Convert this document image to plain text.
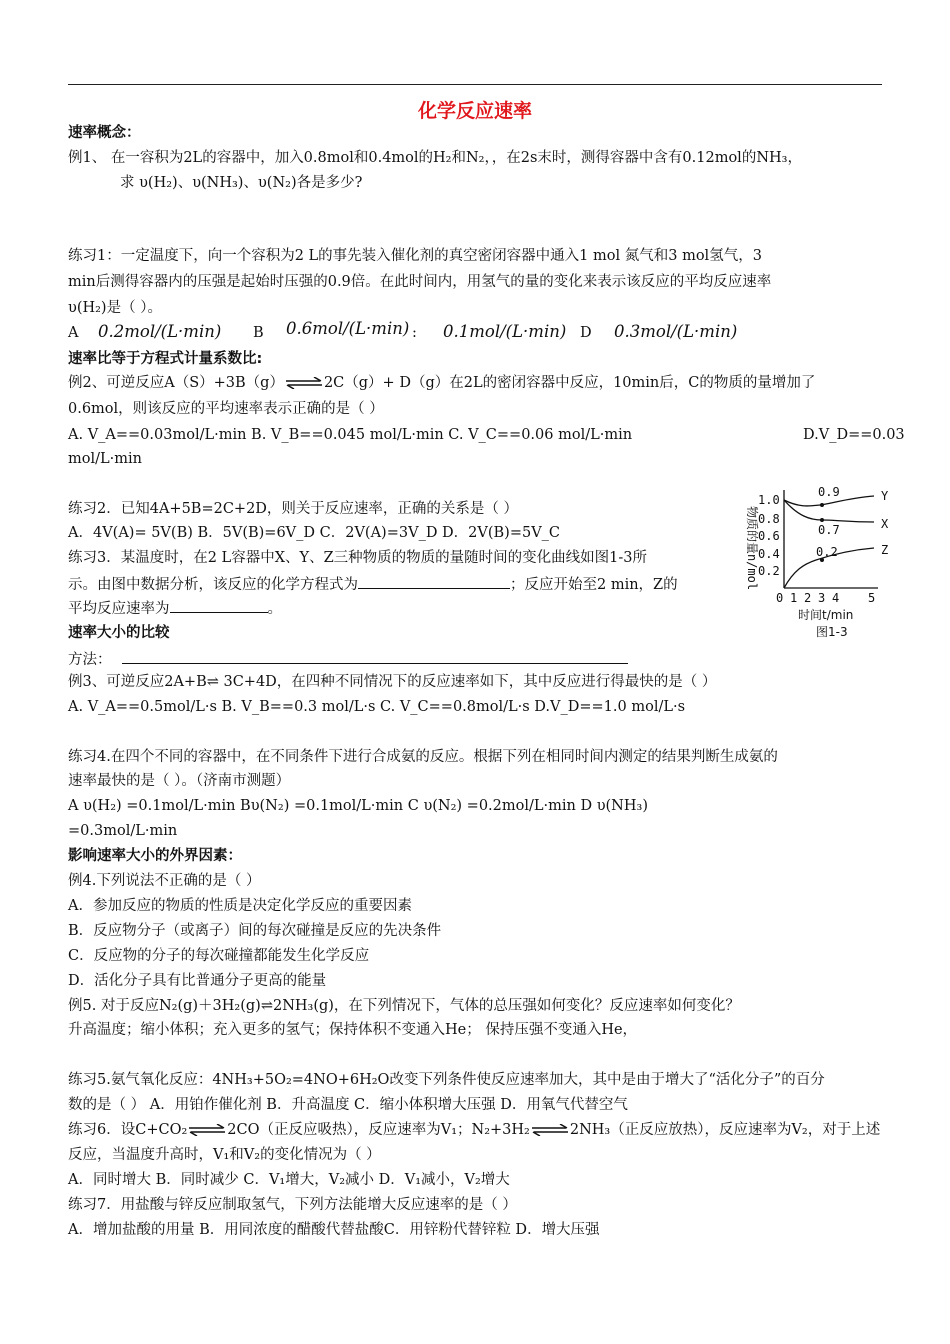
化学反应速率
速率概念：
例1、 在一容积为2L的容器中，加入0.8mol和0.4mol的H₂和N₂，，在2s末时，测得容器中含有0.12mol的NH₃，
求 υ(H₂)、υ(NH₃)、υ(N₂)各是多少?
练习1：一定温度下，向一个容积为2 L的事先装入催化剂的真空密闭容器中通入1 mol 氮气和3 mol氢气，3
min后测得容器内的压强是起始时压强的0.9倍。在此时间内，用氢气的量的变化来表示该反应的平均反应速率
υ(H₂)是（ ）。
A 0.2mol/(L·min) B 0.6mol/(L·min) : 0.1mol/(L·min) D 0.3mol/(L·min)
速率比等于方程式计量系数比:
例2、可逆反应A（S）+3B（g）⇌2C（g）+ D（g）在2L的密闭容器中反应，10min后，C的物质的量增加了
0.6mol，则该反应的平均速率表示正确的是（ ）
A. V_A==0.03mol/L·min B. V_B==0.045 mol/L·min C. V_C==0.06 mol/L·min	D.V_D==0.03
mol/L·min
练习2．已知4A+5B=2C+2D，则关于反应速率，正确的关系是（ ）
A．4V(A)= 5V(B) B．5V(B)=6V_D C．2V(A)=3V_D D．2V(B)=5V_C
练习3．某温度时，在2 L容器中X、Y、Z三种物质的物质的量随时间的变化曲线如图1-3所
示。由图中数据分析，该反应的化学方程式为	；反应开始至2 min，Z的
平均反应速率为	。
物质的量n/mol
1.0
0.8
0.6
0.4
0.2
0 1 2 3 4 5
0.9
0.7
0.2
Y
X
Z
时间t/min
图1-3
速率大小的比较
方法：
例3、可逆反应2A+B⇌ 3C+4D，在四种不同情况下的反应速率如下，其中反应进行得最快的是（ ）
A. V_A==0.5mol/L·s B. V_B==0.3 mol/L·s C. V_C==0.8mol/L·s D.V_D==1.0 mol/L·s
练习4.在四个不同的容器中，在不同条件下进行合成氨的反应。根据下列在相同时间内测定的结果判断生成氨的
速率最快的是（ ）。（济南市测题）
A υ(H₂) =0.1mol/L·min Bυ(N₂) =0.1mol/L·min C υ(N₂) =0.2mol/L·min D υ(NH₃)
=0.3mol/L·min
影响速率大小的外界因素：
例4.下列说法不正确的是（ ）
A．参加反应的物质的性质是决定化学反应的重要因素
B．反应物分子（或离子）间的每次碰撞是反应的先决条件
C．反应物的分子的每次碰撞都能发生化学反应
D．活化分子具有比普通分子更高的能量
例5. 对于反应N₂(g)＋3H₂(g)⇌2NH₃(g)，在下列情况下，气体的总压强如何变化？反应速率如何变化？
升高温度；缩小体积；充入更多的氢气；保持体积不变通入He； 保持压强不变通入He，
练习5.氨气氧化反应：4NH₃+5O₂=4NO+6H₂O改变下列条件使反应速率加大，其中是由于增大了“活化分子”的百分
数的是（ ） A．用铂作催化剂 B．升高温度 C．缩小体积增大压强 D．用氧气代替空气
练习6．设C+CO₂⇌2CO（正反应吸热），反应速率为V₁；N₂+3H₂⇌2NH₃（正反应放热），反应速率为V₂，对于上述
反应，当温度升高时，V₁和V₂的变化情况为（ ）
A．同时增大 B．同时减少 C．V₁增大，V₂减小 D．V₁减小，V₂增大
练习7．用盐酸与锌反应制取氢气，下列方法能增大反应速率的是（ ）
A．增加盐酸的用量 B．用同浓度的醋酸代替盐酸C．用锌粉代替锌粒 D．增大压强
